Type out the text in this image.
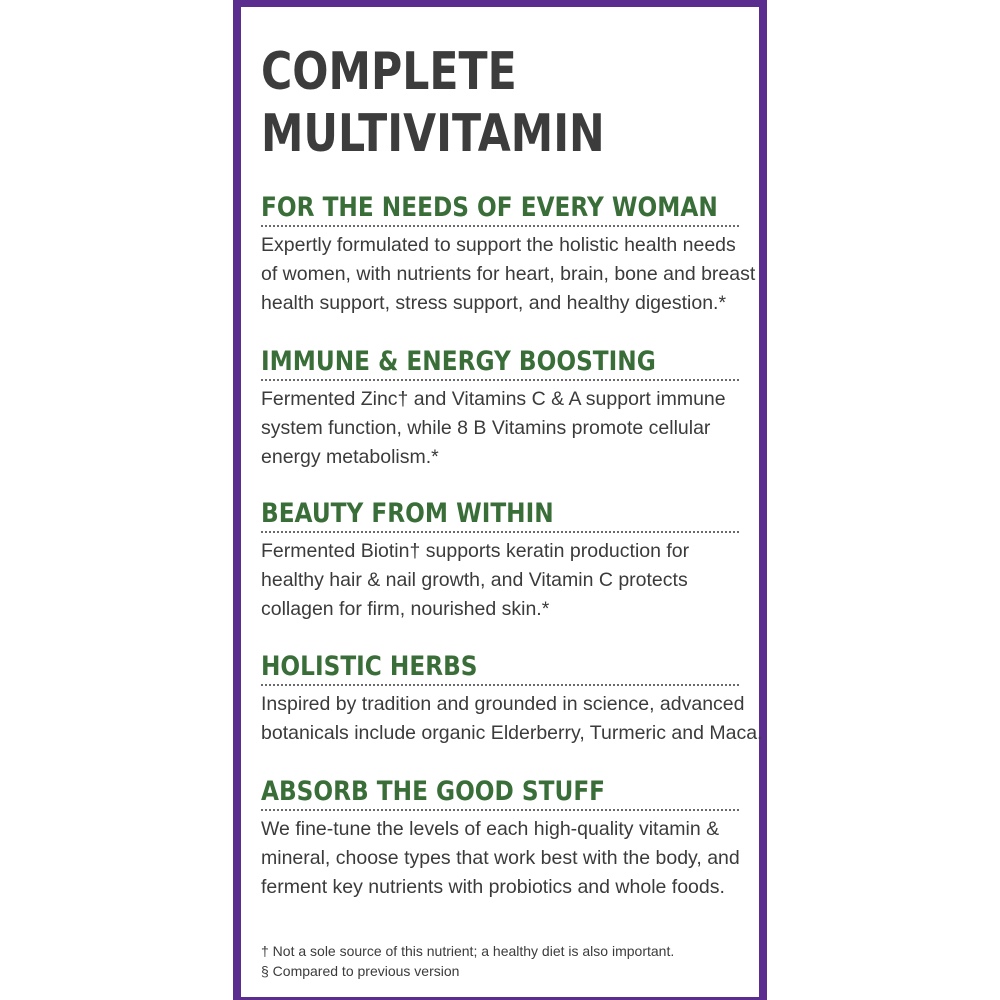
COMPLETE
MULTIVITAMIN
FOR THE NEEDS OF EVERY WOMAN
Expertly formulated to support the holistic health needs
of women, with nutrients for heart, brain, bone and breast
health support, stress support, and healthy digestion.*
IMMUNE & ENERGY BOOSTING
Fermented Zinc† and Vitamins C & A support immune
system function, while 8 B Vitamins promote cellular
energy metabolism.*
BEAUTY FROM WITHIN
Fermented Biotin† supports keratin production for
healthy hair & nail growth, and Vitamin C protects
collagen for firm, nourished skin.*
HOLISTIC HERBS
Inspired by tradition and grounded in science, advanced
botanicals include organic Elderberry, Turmeric and Maca.
ABSORB THE GOOD STUFF
We fine-tune the levels of each high-quality vitamin &
mineral, choose types that work best with the body, and
ferment key nutrients with probiotics and whole foods.
† Not a sole source of this nutrient; a healthy diet is also important.
§ Compared to previous version
